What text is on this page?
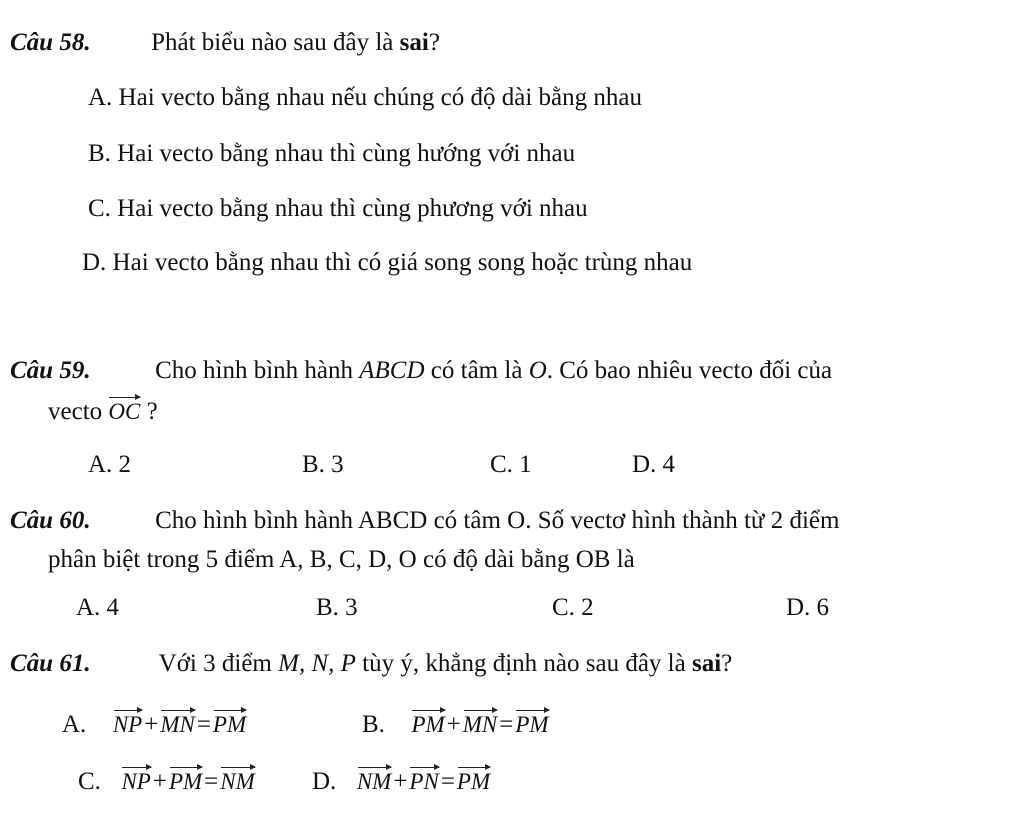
Câu 58. Phát biểu nào sau đây là sai?
A. Hai vecto bằng nhau nếu chúng có độ dài bằng nhau
B. Hai vecto bằng nhau thì cùng hướng với nhau
C. Hai vecto bằng nhau thì cùng phương với nhau
D. Hai vecto bằng nhau thì có giá song song hoặc trùng nhau
Câu 59.	Cho hình bình hành ABCD có tâm là O. Có bao nhiêu vecto đối của
vecto OC ?
A. 2	B. 3	C. 1	D. 4
Câu 60.	Cho hình bình hành ABCD có tâm O. Số vectơ hình thành từ 2 điểm
phân biệt trong 5 điểm A, B, C, D, O có độ dài bằng OB là
A. 4	B. 3	C. 2	D. 6
Câu 61.	Với 3 điểm M, N, P tùy ý, khẳng định nào sau đây là sai?
A. NP+MN=PM	B. PM+MN=PM
C. NP+PM=NM D. NM+PN=PM
